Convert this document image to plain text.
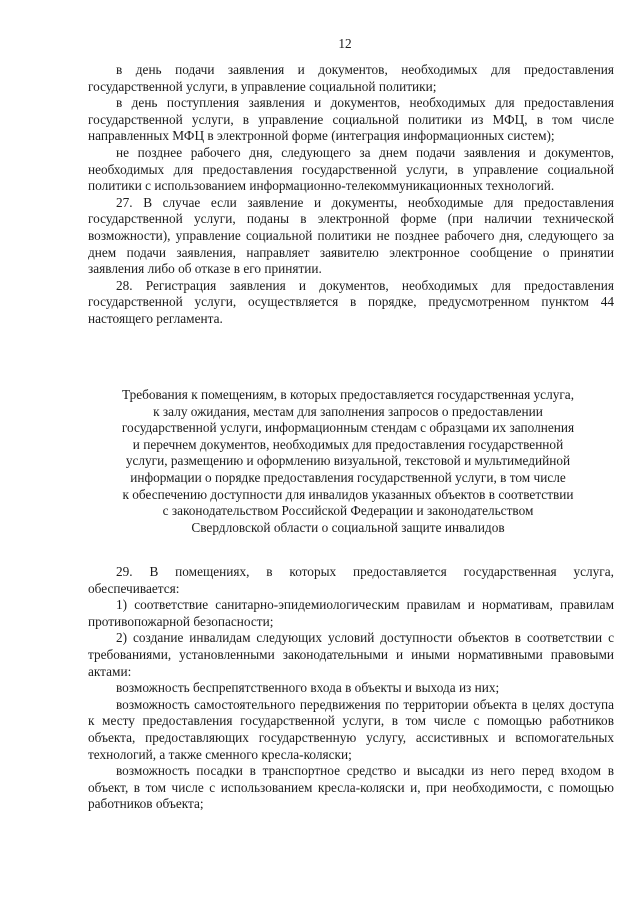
12

в день подачи заявления и документов, необходимых для предоставления государственной услуги, в управление социальной политики;

в день поступления заявления и документов, необходимых для предоставления государственной услуги, в управление социальной политики из МФЦ, в том числе направленных МФЦ в электронной форме (интеграция информационных систем);

не позднее рабочего дня, следующего за днем подачи заявления и документов, необходимых для предоставления государственной услуги, в управление социальной политики с использованием информационно-телекоммуникационных технологий.

27. В случае если заявление и документы, необходимые для предоставления государственной услуги, поданы в электронной форме (при наличии технической возможности), управление социальной политики не позднее рабочего дня, следующего за днем подачи заявления, направляет заявителю электронное сообщение о принятии заявления либо об отказе в его принятии.

28. Регистрация заявления и документов, необходимых для предоставления государственной услуги, осуществляется в порядке, предусмотренном пунктом 44 настоящего регламента.

Требования к помещениям, в которых предоставляется государственная услуга,
к залу ожидания, местам для заполнения запросов о предоставлении
государственной услуги, информационным стендам с образцами их заполнения
и перечнем документов, необходимых для предоставления государственной
услуги, размещению и оформлению визуальной, текстовой и мультимедийной
информации о порядке предоставления государственной услуги, в том числе
к обеспечению доступности для инвалидов указанных объектов в соответствии
с законодательством Российской Федерации и законодательством
Свердловской области о социальной защите инвалидов

29. В помещениях, в которых предоставляется государственная услуга, обеспечивается:

1) соответствие санитарно-эпидемиологическим правилам и нормативам, правилам противопожарной безопасности;

2) создание инвалидам следующих условий доступности объектов в соответствии с требованиями, установленными законодательными и иными нормативными правовыми актами:

возможность беспрепятственного входа в объекты и выхода из них;

возможность самостоятельного передвижения по территории объекта в целях доступа к месту предоставления государственной услуги, в том числе с помощью работников объекта, предоставляющих государственную услугу, ассистивных и вспомогательных технологий, а также сменного кресла-коляски;

возможность посадки в транспортное средство и высадки из него перед входом в объект, в том числе с использованием кресла-коляски и, при необходимости, с помощью работников объекта;
